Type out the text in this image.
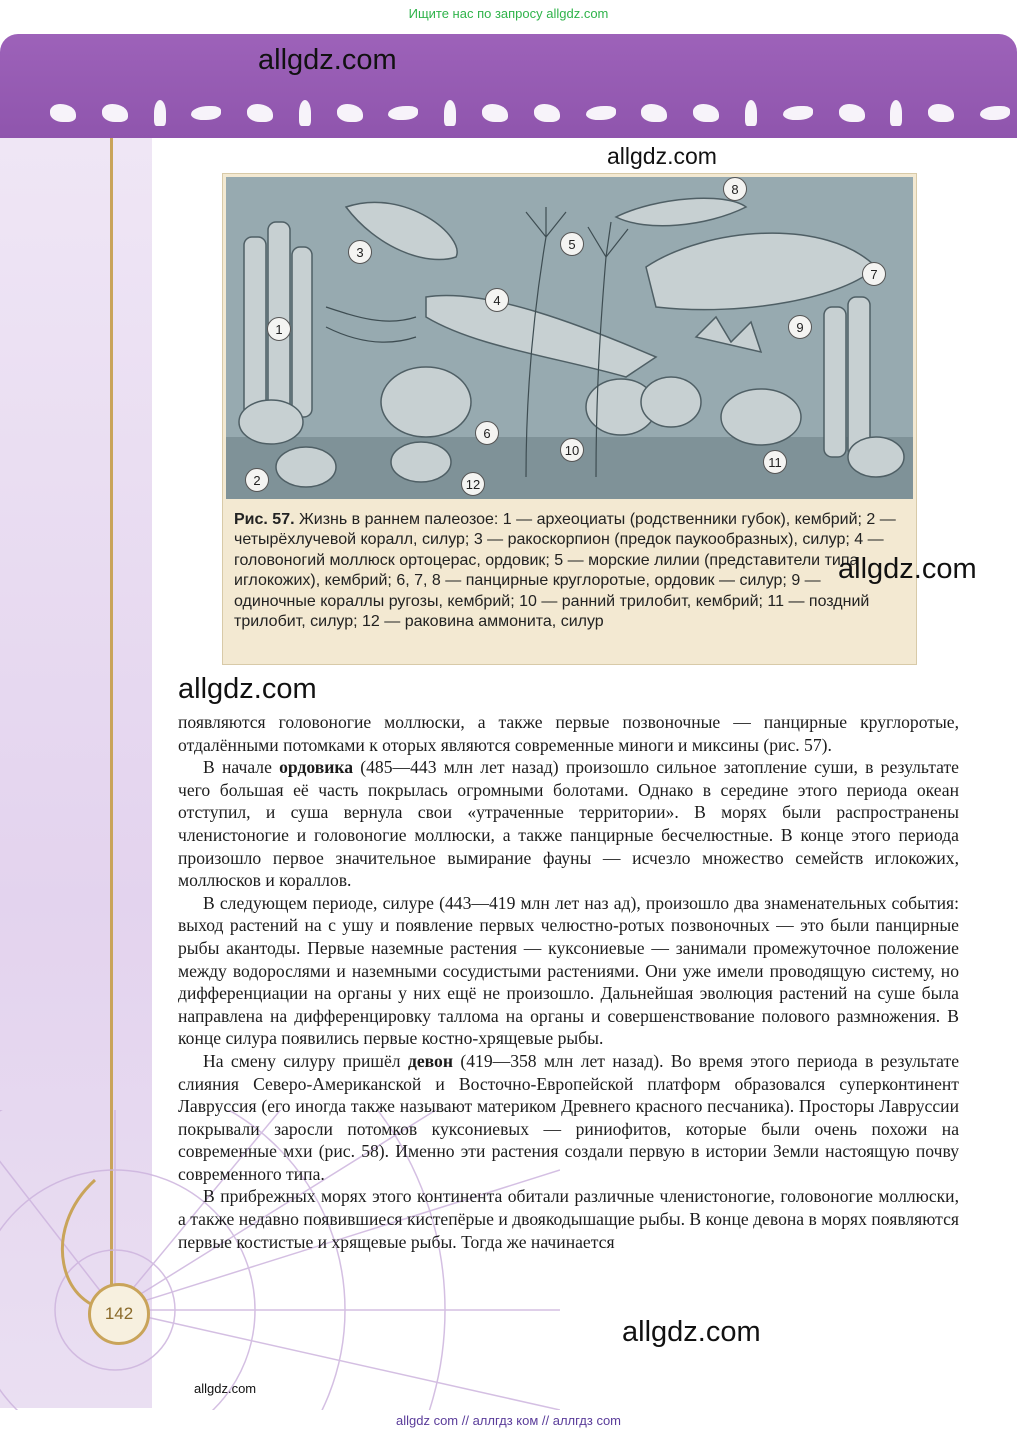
Ищите нас по запросу allgdz.com
142
allgdz.com
allgdz.com
3
5
8
7
1
4
9
6
10
11
2	12
Рис. 57. Жизнь в раннем палеозое: 1 — археоциаты (родственники губок), кембрий; 2 — четырёхлучевой коралл, силур; 3 — ракоскорпион (предок паукообразных), силур; 4 — головоногий моллюск ортоцерас, ордовик; 5 — морские лилии (представители типа иглокожих), кембрий; 6, 7, 8 — панцирные круглоротые, ордовик — силур; 9 — одиночные кораллы ругозы, кембрий; 10 — ранний трилобит, кембрий; 11 — поздний трилобит, силур; 12 — раковина аммонита, силур
allgdz.com
allgdz.com

появляются головоногие моллюски, а также первые позвоночные — панцирные круглоротые, отдалёнными потомками к оторых являются современные миноги и миксины (рис. 57).

В начале ордовика (485—443 млн лет назад) произошло сильное затопление суши, в результате чего большая её часть покрылась огромными болотами. Однако в середине этого периода океан отступил, и суша вернула свои «утраченные территории». В морях были распространены членистоногие и головоногие моллюски, а также панцирные бесчелюстные. В конце этого периода произошло первое значительное вымирание фауны — исчезло множество семейств иглокожих, моллюсков и кораллов.

В следующем периоде, силуре (443—419 млн лет наз ад), произошло два знаменательных события: выход растений на с ушу и появление первых челюстно-ротых позвоночных — это были панцирные рыбы акантоды. Первые наземные растения — куксониевые — занимали промежуточное положение между водорослями и наземными сосудистыми растениями. Они уже имели проводящую систему, но дифференциации на органы у них ещё не произошло. Дальнейшая эволюция растений на суше была направлена на дифференцировку таллома на органы и совершенствование полового размножения. В конце силура появились первые костно-хрящевые рыбы.

На смену силуру пришёл девон (419—358 млн лет назад). Во время этого периода в результате слияния Северо-Американской и Восточно-Европейской платформ образовался суперконтинент Лавруссия (его иногда также называют материком Древнего красного песчаника). Просторы Лавруссии покрывали заросли потомков куксониевых — риниофитов, которые были очень похожи на современные мхи (рис. 58). Именно эти растения создали первую в истории Земли настоящую почву современного типа.

В прибрежных морях этого континента обитали различные членистоногие, головоногие моллюски, а также недавно появившиеся кистепёрые и двоякодышащие рыбы. В конце девона в морях появляются первые костистые и хрящевые рыбы. Тогда же начинается

allgdz.com
allgdz.com
allgdz com // аллгдз ком // аллгдз com
